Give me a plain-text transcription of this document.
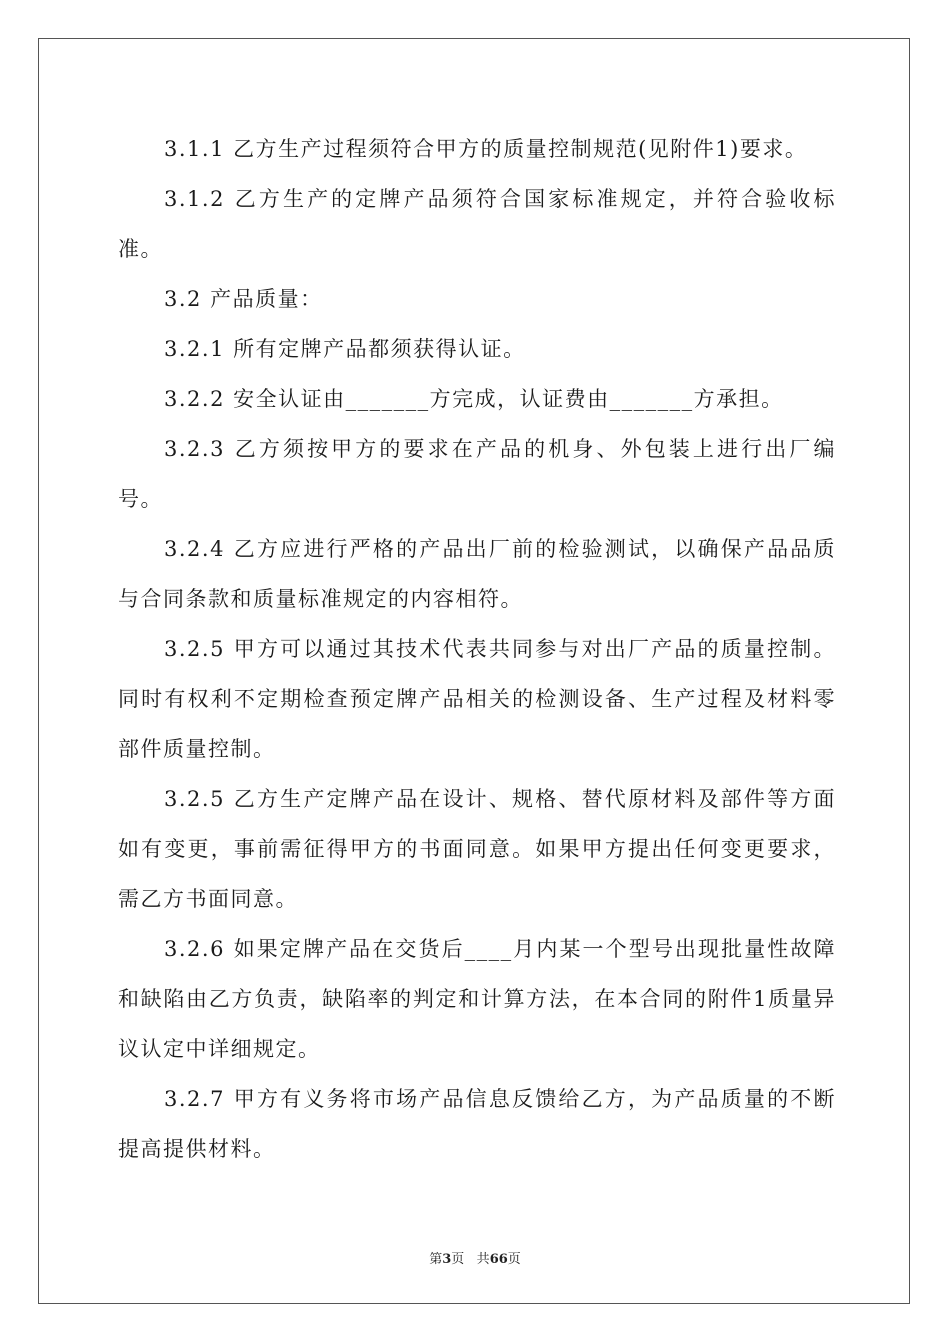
3.1.1 乙方生产过程须符合甲方的质量控制规范(见附件1)要求。

3.1.2 乙方生产的定牌产品须符合国家标准规定，并符合验收标准。

3.2 产品质量：

3.2.1 所有定牌产品都须获得认证。

3.2.2 安全认证由_______方完成，认证费由_______方承担。

3.2.3 乙方须按甲方的要求在产品的机身、外包装上进行出厂编号。

3.2.4 乙方应进行严格的产品出厂前的检验测试，以确保产品品质与合同条款和质量标准规定的内容相符。

3.2.5 甲方可以通过其技术代表共同参与对出厂产品的质量控制。同时有权利不定期检查预定牌产品相关的检测设备、生产过程及材料零部件质量控制。

3.2.5 乙方生产定牌产品在设计、规格、替代原材料及部件等方面如有变更，事前需征得甲方的书面同意。如果甲方提出任何变更要求，需乙方书面同意。

3.2.6 如果定牌产品在交货后____月内某一个型号出现批量性故障和缺陷由乙方负责，缺陷率的判定和计算方法，在本合同的附件1质量异议认定中详细规定。

3.2.7 甲方有义务将市场产品信息反馈给乙方，为产品质量的不断提高提供材料。

第3页 共66页
